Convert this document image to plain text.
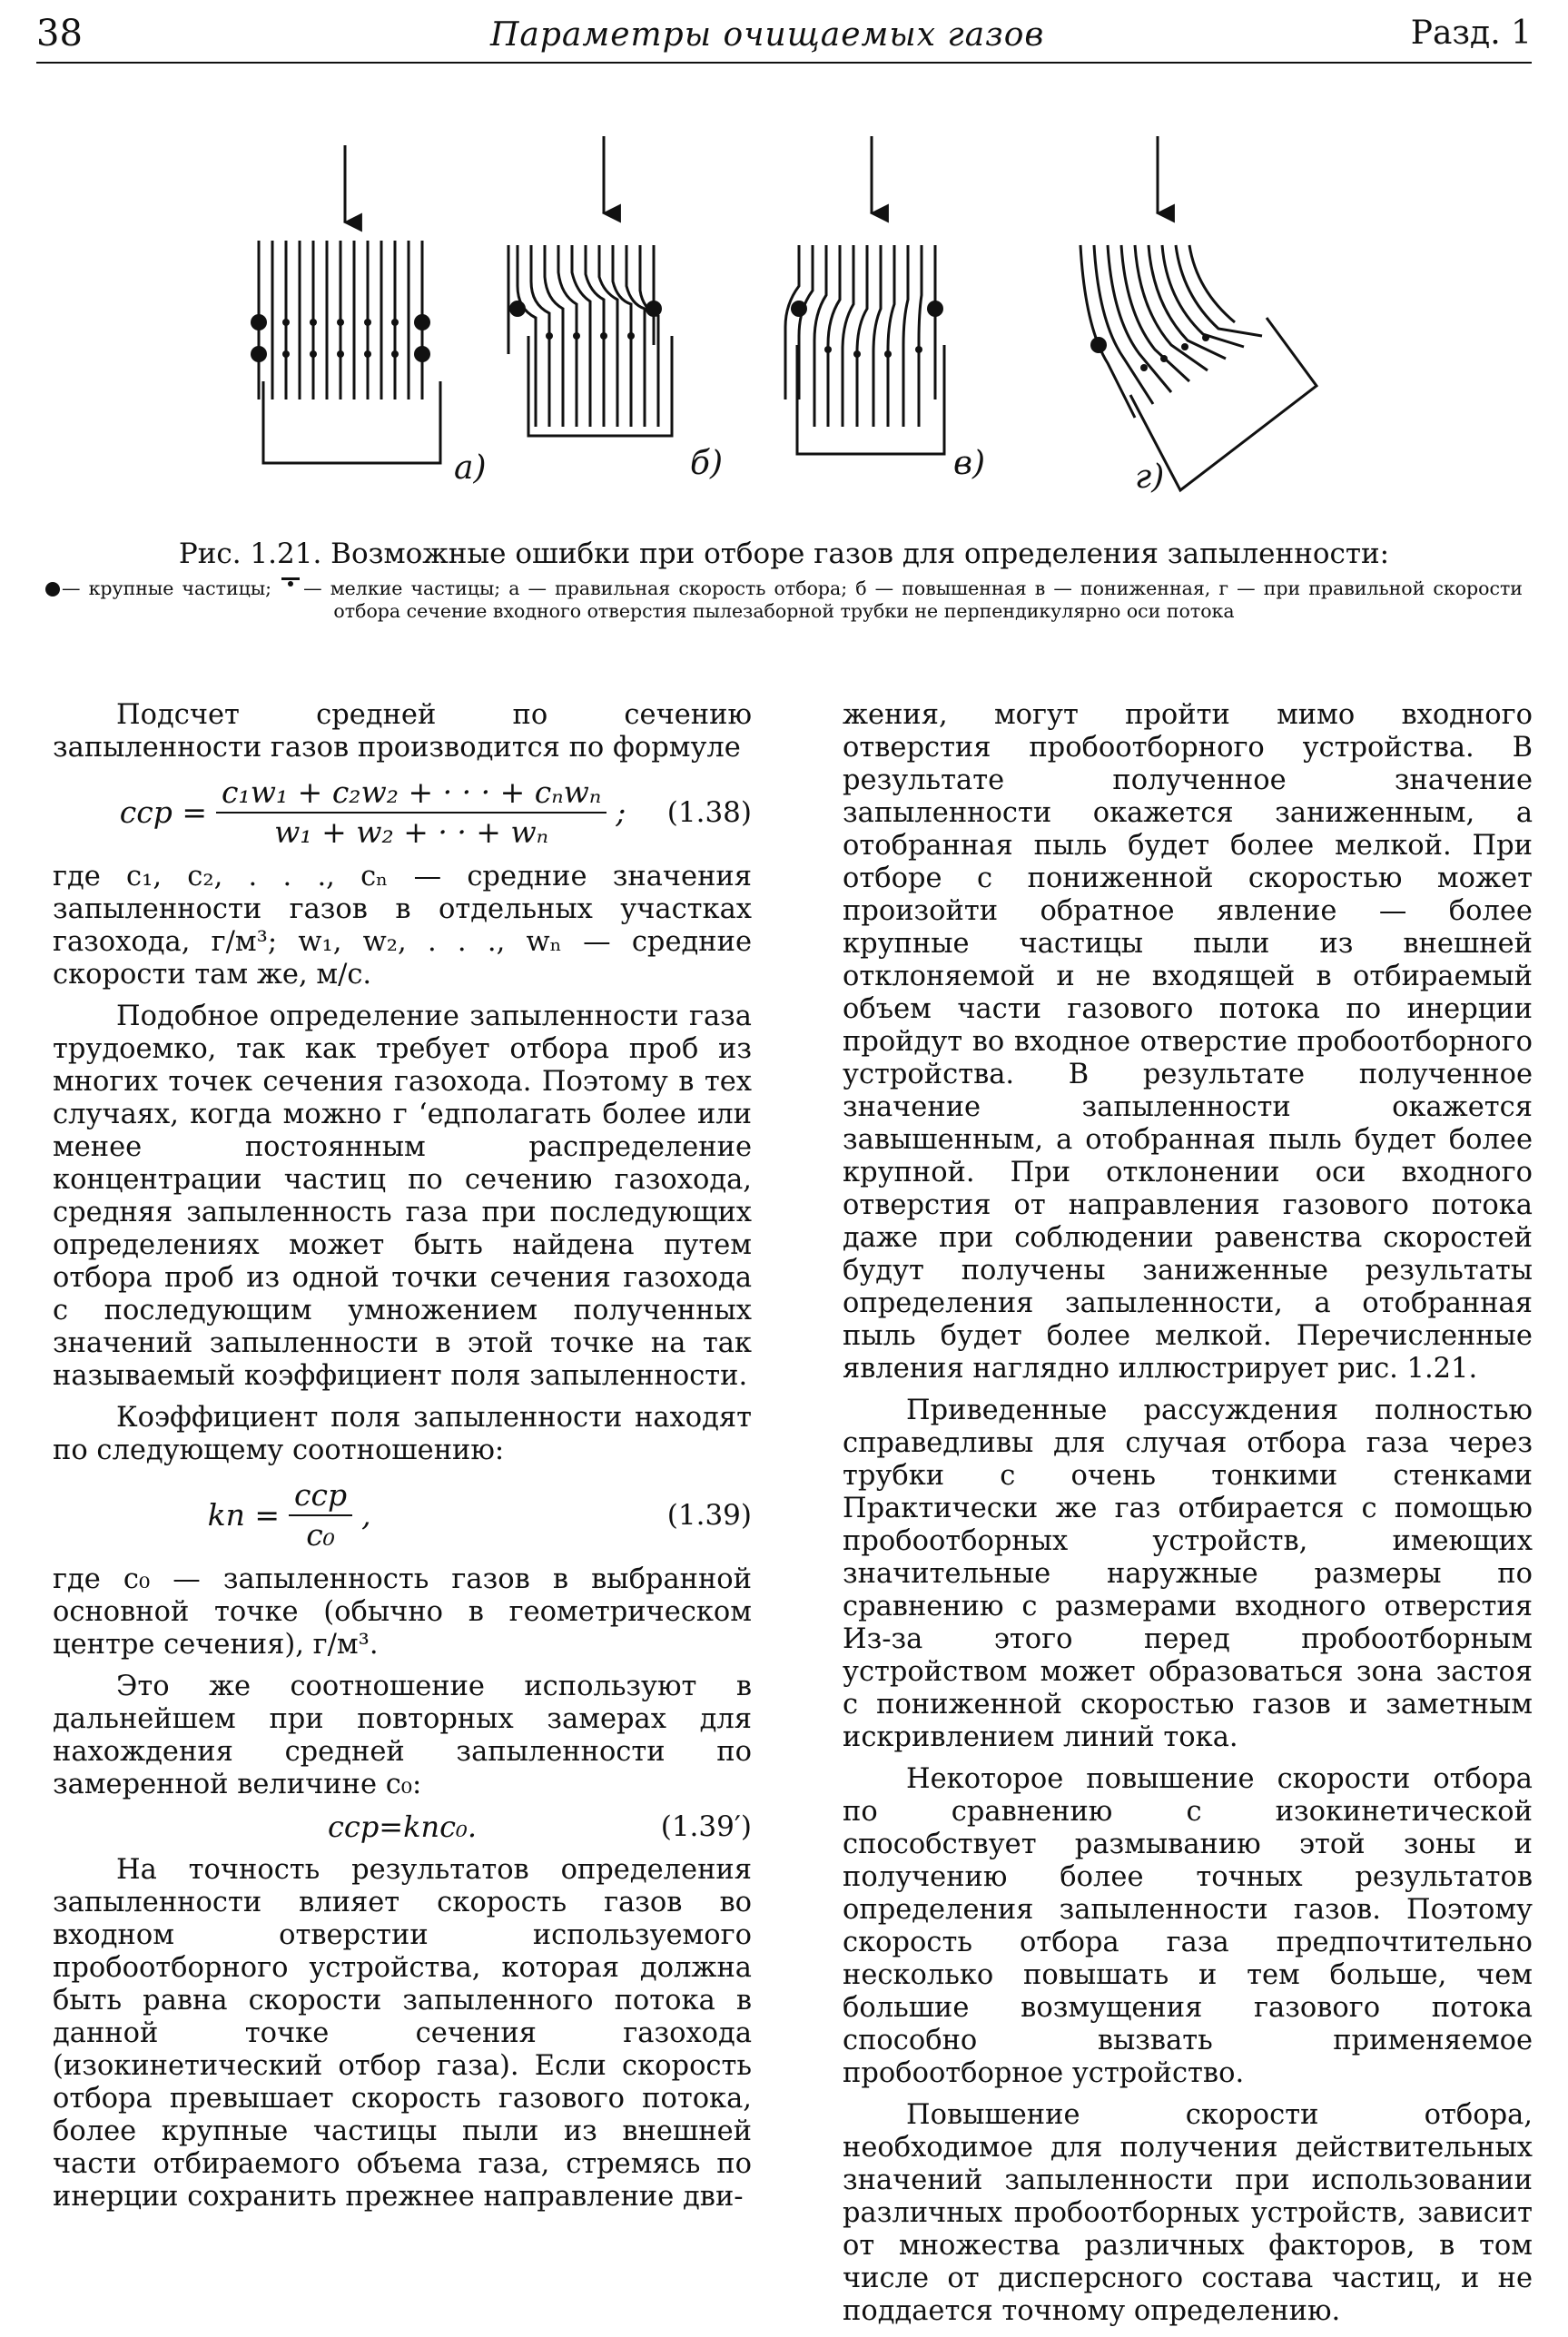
38	Параметры очищаемых газов	Разд. 1
а)	б)	в)	г)
Рис. 1.21. Возможные ошибки при отборе газов для определения запыленности:
— крупные частицы; — мелкие частицы; а — правильная скорость отбора; б — повышенная в — пониженная, г — при правильной скорости отбора сечение входного отверстия пылезаборной трубки не перпендикулярно оси потока

Подсчет средней по сечению запыленности газов производится по формуле

cср = $\frac{\text{c₁w₁ + c₂w₂ + · · · + cₙwₙ}}{\text{w₁ + w₂ + · · + wₙ}}$ ; (1.38)

где c₁, c₂, . . ., cₙ — средние значения запыленности газов в отдельных участках газохода, г/м³; w₁, w₂, . . ., wₙ — средние скорости там же, м/с.

Подобное определение запыленности газа трудоемко, так как требует отбора проб из многих точек сечения газохода. Поэтому в тех случаях, когда можно г ‘едполагать более или менее постоянным распределение концентрации частиц по сечению газохода, средняя запыленность газа при последующих определениях может быть найдена путем отбора проб из одной точки сечения газохода с последующим умножением полученных значений запыленности в этой точке на так называемый коэффициент поля запыленности.

Коэффициент поля запыленности находят по следующему соотношению:

kп = $\frac{\text{cср}}{\text{c₀}}$ ,	(1.39)

где c₀ — запыленность газов в выбранной основной точке (обычно в геометрическом центре сечения), г/м³.

Это же соотношение используют в дальнейшем при повторных замерах для нахождения средней запыленности по замеренной величине c₀:

cср=kпc₀.	(1.39′)

На точность результатов определения запыленности влияет скорость газов во входном отверстии используемого пробоотборного устройства, которая должна быть равна скорости запыленного потока в данной точке сечения газохода (изокинетический отбор газа). Если скорость отбора превышает скорость газового потока, более крупные частицы пыли из внешней части отбираемого объема газа, стремясь по инерции сохранить прежнее направление дви-

жения, могут пройти мимо входного отверстия пробоотборного устройства. В результате полученное значение запыленности окажется заниженным, а отобранная пыль будет более мелкой. При отборе с пониженной скоростью может произойти обратное явление — более крупные частицы пыли из внешней отклоняемой и не входящей в отбираемый объем части газового потока по инерции пройдут во входное отверстие пробоотборного устройства. В результате полученное значение запыленности окажется завышенным, а отобранная пыль будет более крупной. При отклонении оси входного отверстия от направления газового потока даже при соблюдении равенства скоростей будут получены заниженные результаты определения запыленности, а отобранная пыль будет более мелкой. Перечисленные явления наглядно иллюстрирует рис. 1.21.

Приведенные рассуждения полностью справедливы для случая отбора газа через трубки с очень тонкими стенками Практически же газ отбирается с помощью пробоотборных устройств, имеющих значительные наружные размеры по сравнению с размерами входного отверстия Из-за этого перед пробоотборным устройством может образоваться зона застоя с пониженной скоростью газов и заметным искривлением линий тока.

Некоторое повышение скорости отбора по сравнению с изокинетической способствует размыванию этой зоны и получению более точных результатов определения запыленности газов. Поэтому скорость отбора газа предпочтительно несколько повышать и тем больше, чем большие возмущения газового потока способно вызвать применяемое пробоотборное устройство.

Повышение скорости отбора, необходимое для получения действительных значений запыленности при использовании различных пробоотборных устройств, зависит от множества различных факторов, в том числе от дисперсного состава частиц, и не поддается точному определению.
